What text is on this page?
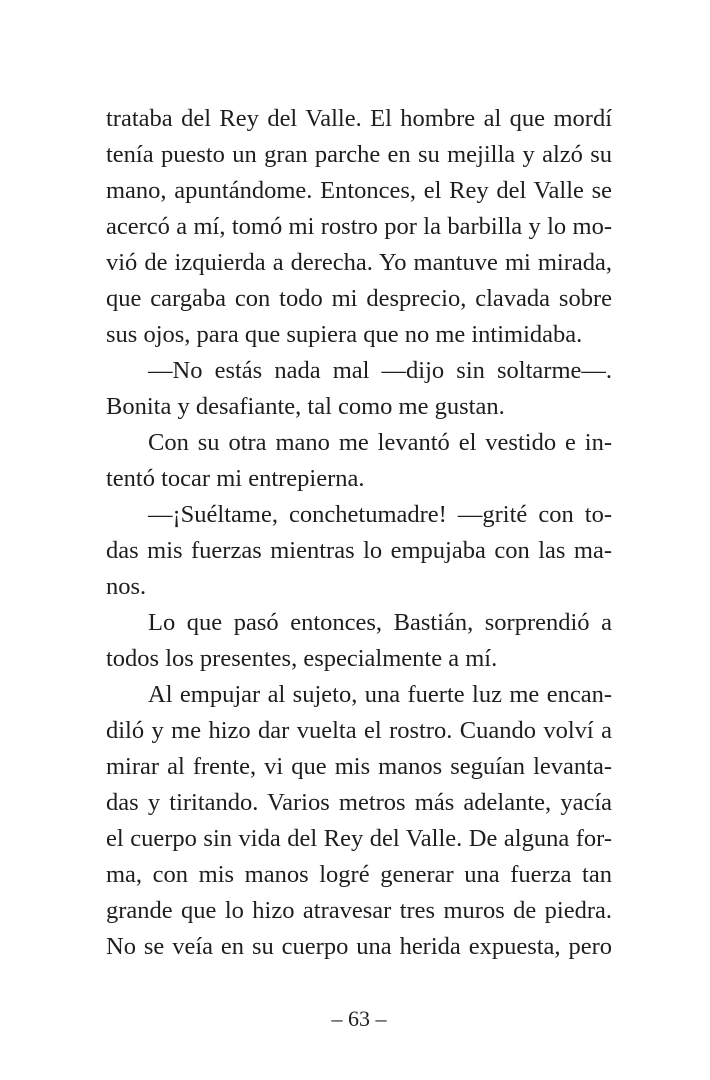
trataba del Rey del Valle. El hombre al que mordí
tenía puesto un gran parche en su mejilla y alzó su
mano, apuntándome. Entonces, el Rey del Valle se
acercó a mí, tomó mi rostro por la barbilla y lo mo-
vió de izquierda a derecha. Yo mantuve mi mirada,
que cargaba con todo mi desprecio, clavada sobre
sus ojos, para que supiera que no me intimidaba.
—No estás nada mal —dijo sin soltarme—.
Bonita y desafiante, tal como me gustan.
Con su otra mano me levantó el vestido e in-
tentó tocar mi entrepierna.
—¡Suéltame, conchetumadre! —grité con to-
das mis fuerzas mientras lo empujaba con las ma-
nos.
Lo que pasó entonces, Bastián, sorprendió a
todos los presentes, especialmente a mí.
Al empujar al sujeto, una fuerte luz me encan-
diló y me hizo dar vuelta el rostro. Cuando volví a
mirar al frente, vi que mis manos seguían levanta-
das y tiritando. Varios metros más adelante, yacía
el cuerpo sin vida del Rey del Valle. De alguna for-
ma, con mis manos logré generar una fuerza tan
grande que lo hizo atravesar tres muros de piedra.
No se veía en su cuerpo una herida expuesta, pero
– 63 –
